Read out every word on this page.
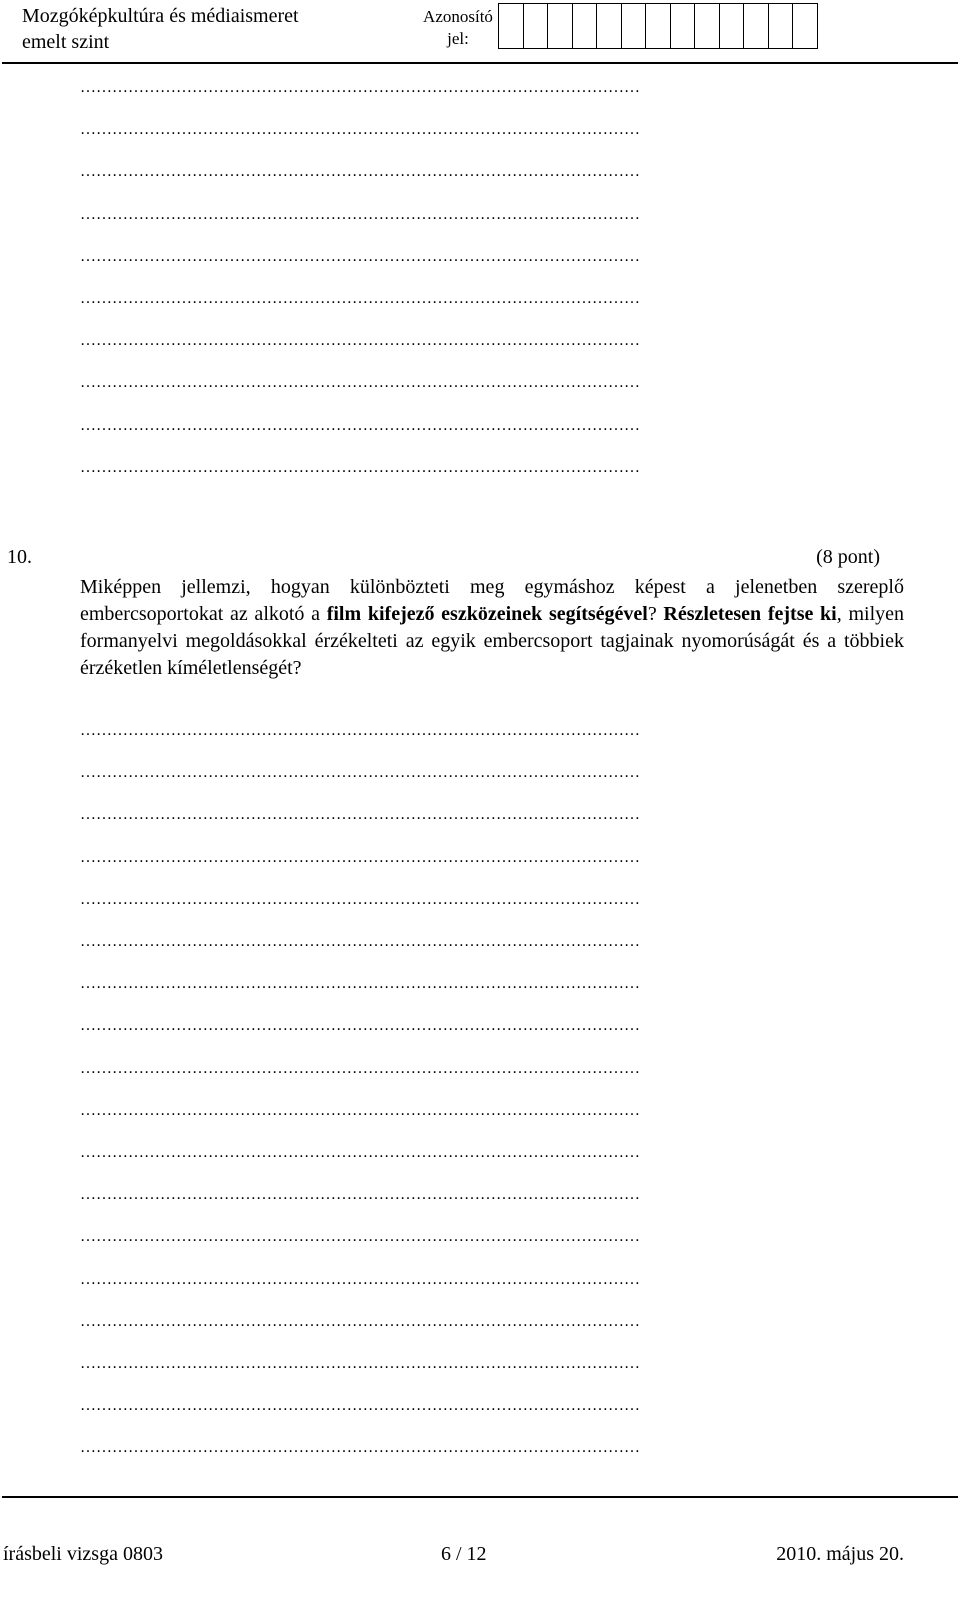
Mozgóképkultúra és médiaismeret
emelt szint
Azonosító
jel:
……………………………………………………………………………………………
……………………………………………………………………………………………
……………………………………………………………………………………………
……………………………………………………………………………………………
……………………………………………………………………………………………
……………………………………………………………………………………………
……………………………………………………………………………………………
……………………………………………………………………………………………
……………………………………………………………………………………………
……………………………………………………………………………………………
10.	(8 pont)
Miképpen jellemzi, hogyan különbözteti meg egymáshoz képest a jelenetben szereplő embercsoportokat az alkotó a film kifejező eszközeinek segítségével? Részletesen fejtse ki, milyen formanyelvi megoldásokkal érzékelteti az egyik embercsoport tagjainak nyomorúságát és a többiek érzéketlen kíméletlenségét?
……………………………………………………………………………………………
……………………………………………………………………………………………
……………………………………………………………………………………………
……………………………………………………………………………………………
……………………………………………………………………………………………
……………………………………………………………………………………………
……………………………………………………………………………………………
……………………………………………………………………………………………
……………………………………………………………………………………………
……………………………………………………………………………………………
……………………………………………………………………………………………
……………………………………………………………………………………………
……………………………………………………………………………………………
……………………………………………………………………………………………
……………………………………………………………………………………………
……………………………………………………………………………………………
……………………………………………………………………………………………
……………………………………………………………………………………………
írásbeli vizsga 0803	6 / 12	2010. május 20.
